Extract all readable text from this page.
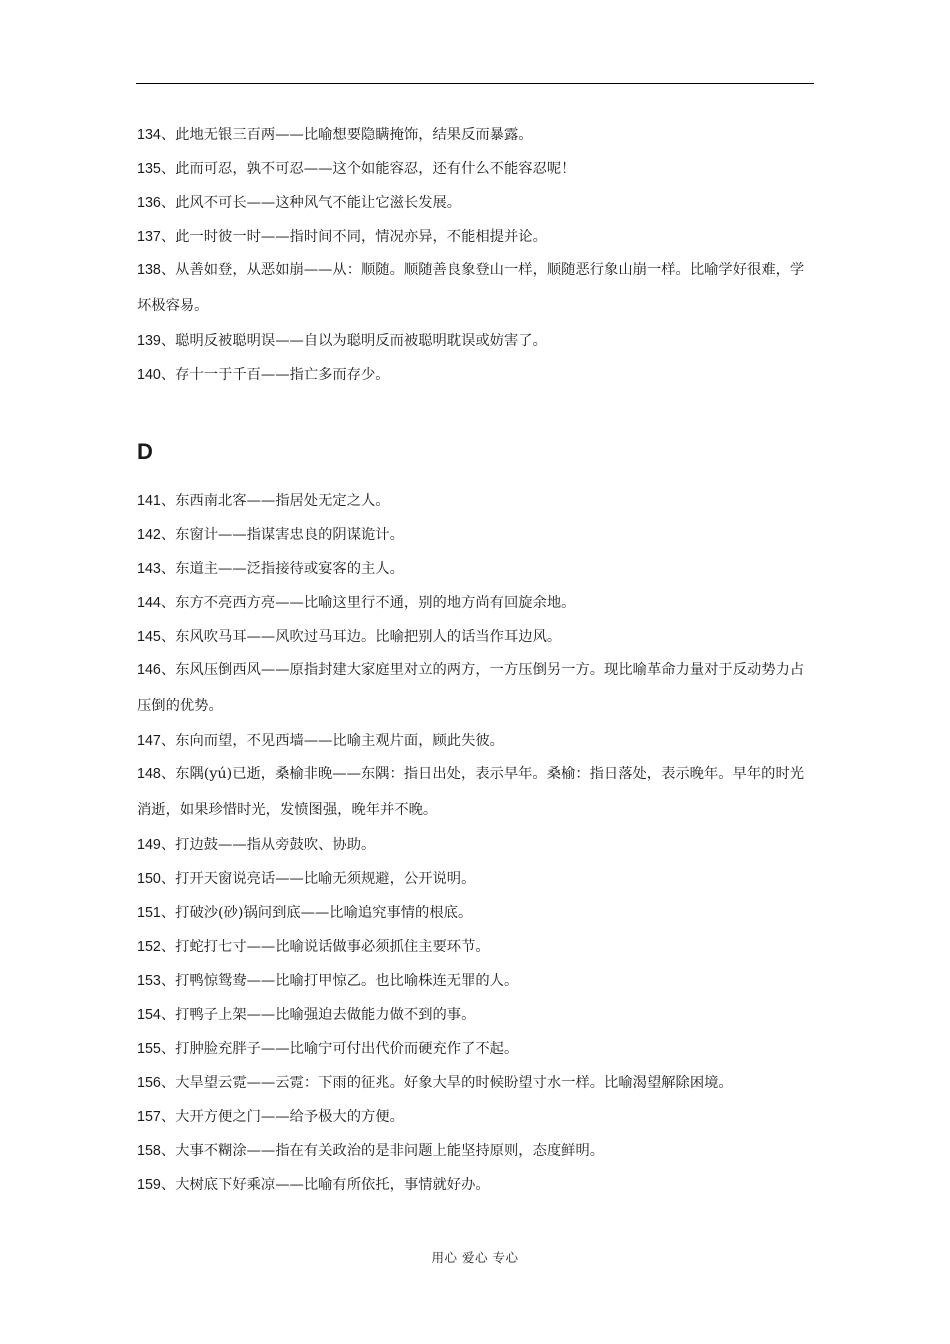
134、此地无银三百两——比喻想要隐瞒掩饰，结果反而暴露。
135、此而可忍，孰不可忍——这个如能容忍，还有什么不能容忍呢！
136、此风不可长——这种风气不能让它滋长发展。
137、此一时彼一时——指时间不同，情况亦异，不能相提并论。
138、从善如登，从恶如崩——从：顺随。顺随善良象登山一样，顺随恶行象山崩一样。比喻学好很难，学坏极容易。
139、聪明反被聪明误——自以为聪明反而被聪明耽误或妨害了。
140、存十一于千百——指亡多而存少。
D
141、东西南北客——指居处无定之人。
142、东窗计——指谋害忠良的阴谋诡计。
143、东道主——泛指接待或宴客的主人。
144、东方不亮西方亮——比喻这里行不通，别的地方尚有回旋余地。
145、东风吹马耳——风吹过马耳边。比喻把别人的话当作耳边风。
146、东风压倒西风——原指封建大家庭里对立的两方，一方压倒另一方。现比喻革命力量对于反动势力占压倒的优势。
147、东向而望，不见西墙——比喻主观片面，顾此失彼。
148、东隅(yú)已逝，桑榆非晚——东隅：指日出处，表示早年。桑榆：指日落处，表示晚年。早年的时光消逝，如果珍惜时光，发愤图强，晚年并不晚。
149、打边鼓——指从旁鼓吹、协助。
150、打开天窗说亮话——比喻无须规避，公开说明。
151、打破沙(砂)锅问到底——比喻追究事情的根底。
152、打蛇打七寸——比喻说话做事必须抓住主要环节。
153、打鸭惊鸳鸯——比喻打甲惊乙。也比喻株连无罪的人。
154、打鸭子上架——比喻强迫去做能力做不到的事。
155、打肿脸充胖子——比喻宁可付出代价而硬充作了不起。
156、大旱望云霓——云霓：下雨的征兆。好象大旱的时候盼望寸水一样。比喻渴望解除困境。
157、大开方便之门——给予极大的方便。
158、大事不糊涂——指在有关政治的是非问题上能坚持原则，态度鲜明。
159、大树底下好乘凉——比喻有所依托，事情就好办。
用心 爱心 专心
